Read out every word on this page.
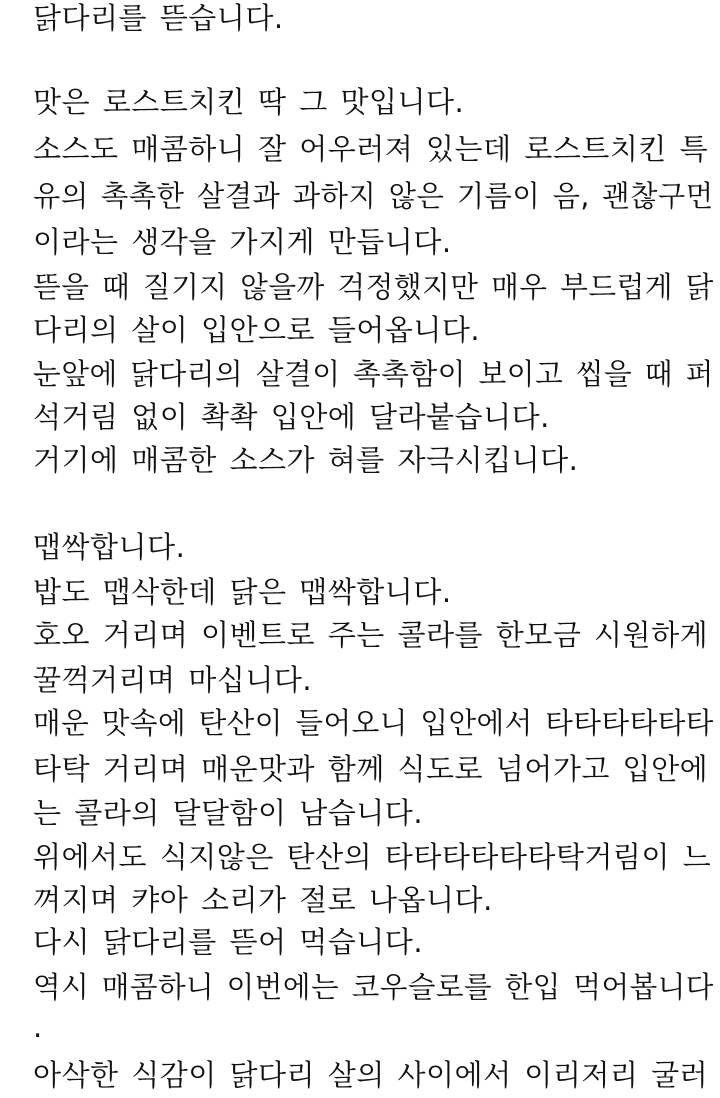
닭다리를 뜯습니다.
맛은 로스트치킨 딱 그 맛입니다.
소스도 매콤하니 잘 어우러져 있는데 로스트치킨 특
유의 촉촉한 살결과 과하지 않은 기름이 음, 괜찮구먼
이라는 생각을 가지게 만듭니다.
뜯을 때 질기지 않을까 걱정했지만 매우 부드럽게 닭
다리의 살이 입안으로 들어옵니다.
눈앞에 닭다리의 살결이 촉촉함이 보이고 씹을 때 퍼
석거림 없이 촥촥 입안에 달라붙습니다.
거기에 매콤한 소스가 혀를 자극시킵니다.
맵싹합니다.
밥도 맵삭한데 닭은 맵싹합니다.
호오 거리며 이벤트로 주는 콜라를 한모금 시원하게
꿀꺽거리며 마십니다.
매운 맛속에 탄산이 들어오니 입안에서 타타타타타타
타탁 거리며 매운맛과 함께 식도로 넘어가고 입안에
는 콜라의 달달함이 남습니다.
위에서도 식지않은 탄산의 타타타타타타탁거림이 느
껴지며 캬아 소리가 절로 나옵니다.
다시 닭다리를 뜯어 먹습니다.
역시 매콤하니 이번에는 코우슬로를 한입 먹어봅니다
.
아삭한 식감이 닭다리 살의 사이에서 이리저리 굴러
